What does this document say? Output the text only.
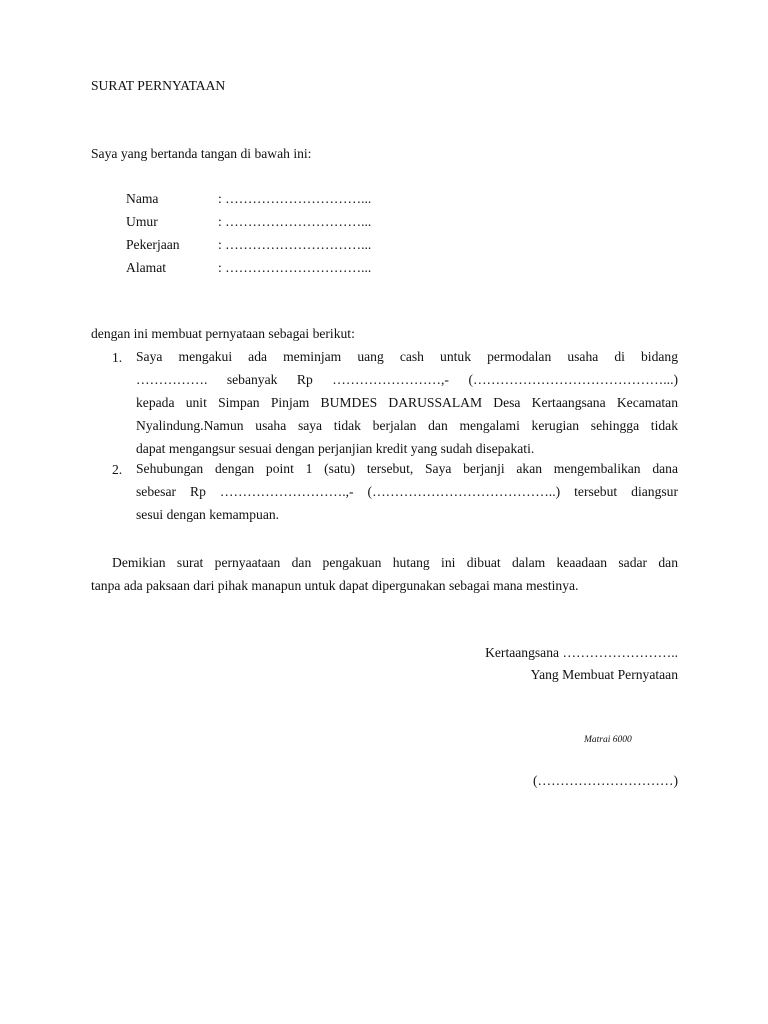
SURAT PERNYATAAN
Saya yang bertanda tangan di bawah ini:
Nama	: …………………………...
Umur	: …………………………...
Pekerjaan	: …………………………...
Alamat	: …………………………...
dengan ini membuat pernyataan sebagai berikut:
1. Saya mengakui ada meminjam uang cash untuk permodalan usaha di bidang
……………. sebanyak Rp ……………………,- (……………………………………...)
kepada unit Simpan Pinjam BUMDES DARUSSALAM Desa Kertaangsana Kecamatan
Nyalindung.Namun usaha saya tidak berjalan dan mengalami kerugian sehingga tidak
dapat mengangsur sesuai dengan perjanjian kredit yang sudah disepakati.
2. Sehubungan dengan point 1 (satu) tersebut, Saya berjanji akan mengembalikan dana
sebesar Rp ……………………….,- (…………………………………..) tersebut diangsur
sesui dengan kemampuan.
Demikian surat pernyaataan dan pengakuan hutang ini dibuat dalam keaadaan sadar dan
tanpa ada paksaan dari pihak manapun untuk dapat dipergunakan sebagai mana mestinya.
Kertaangsana ……………………..
Yang Membuat Pernyataan
Matrai 6000
(…………………………)
